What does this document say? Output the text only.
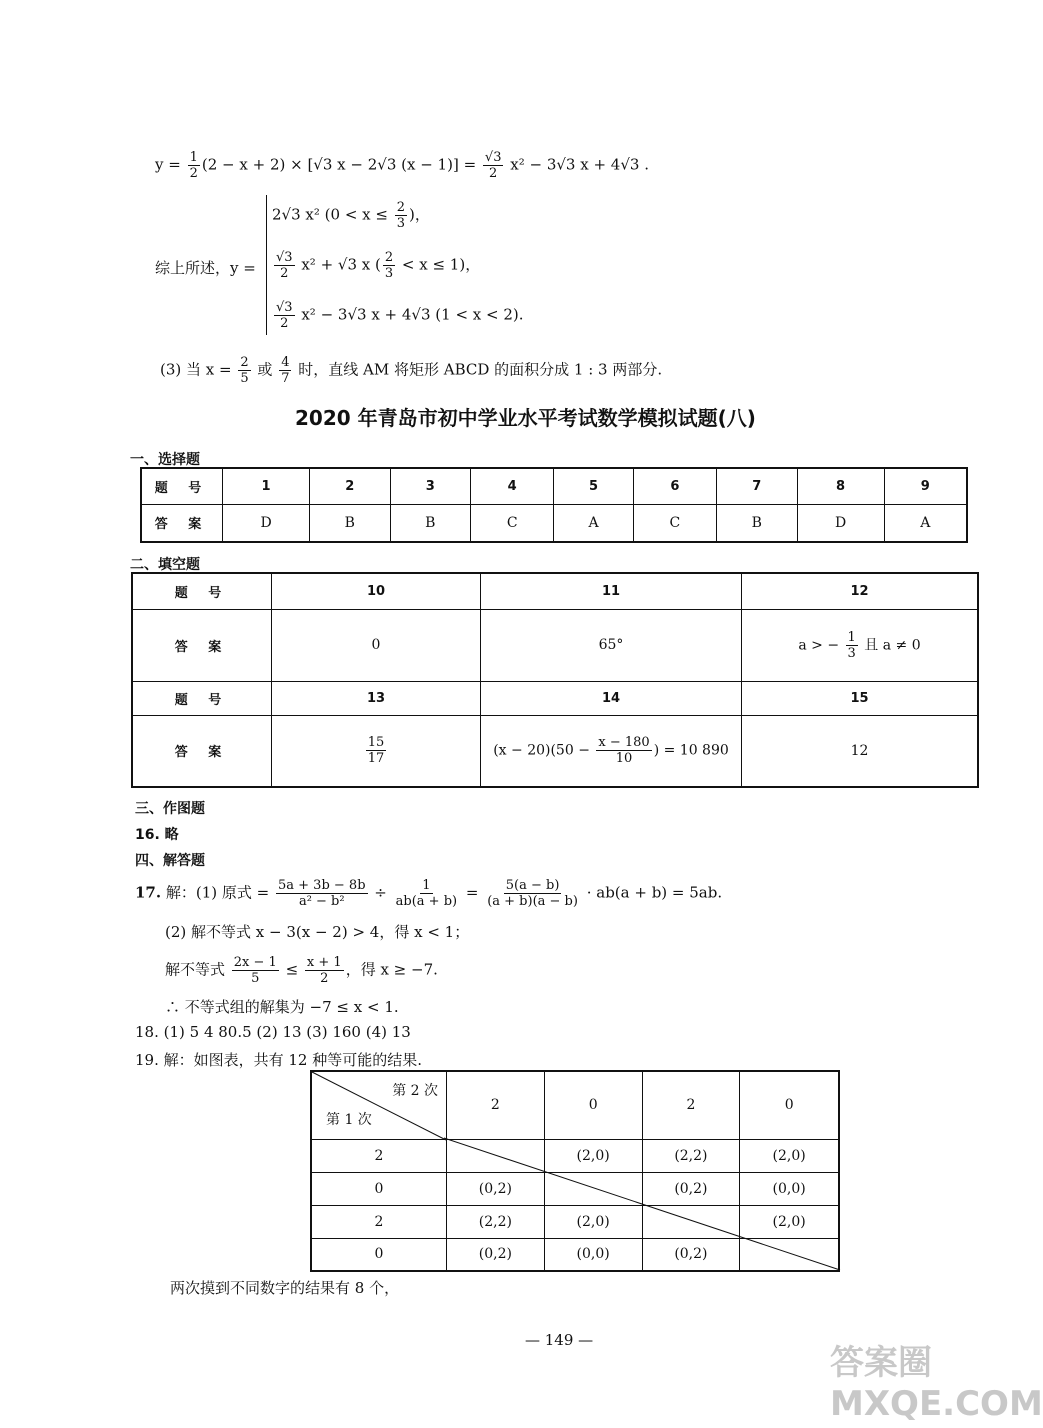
$y = \frac{1}{2} (2 - x + 2) \times [√3$ x − 2√3 $(x - 1)] = \frac{√3}{2} x^2 - 3√3$ x + 4√3 .
综上所述，y =
2√3 x² ($0 < x \le \frac{2}{3}$ )，
$\frac{√3}{2} x^2 + √3$ x ( $\frac{2}{3} < x \le 1$)，
$\frac{√3}{2} x^2 - 3√3$ x + 4√3 (1 < x < 2).
(3) 当 $x = \frac{2}{5}$ 或 $\frac{4}{7}$ 时，直线 AM 将矩形 ABCD 的面积分成 1 : 3 两部分.
2020 年青岛市初中学业水平考试数学模拟试题(八)
一、选择题
题 号	1	2	3	4	5	6	7	8	9
答 案	D	B	B	C	A	C	B	D	A
二、填空题
题 号	10	11	12
答 案	0	65°	a > − $\frac{1}{3}$ 且 a ≠ 0
题 号	13	14	15
答 案	$\frac{15}{17}$	$(x - 20)(50 - \frac{x - 180}{10}$ ) = 10 890	12
三、作图题
16. 略
四、解答题
17. 解：(1) 原式 = $\frac{5a + 3b - 8b}{\text{a² − b²}} \div \frac{1}{ab(a + b)} = \frac{5(a - b)}{(a + b)(a - b)} \cdot ab(a + b) = 5ab$.
(2) 解不等式 x − 3(x − 2) > 4，得 x < 1；
解不等式 $\frac{2x - 1}{5} \le \frac{x + 1}{2}$ ，得 x ≥ −7.
∴ 不等式组的解集为 −7 ≤ x < 1.
18. (1) 5 4 80.5 (2) 13 (3) 160 (4) 13
19. 解：如图表，共有 12 种等可能的结果.
第 2 次
第 1 次	2	0	2	0
2		(2,0)	(2,2)	(2,0)
0	(0,2)		(0,2)	(0,0)
2	(2,2)	(2,0)		(2,0)
0	(0,2)	(0,0)	(0,2)	
两次摸到不同数字的结果有 8 个，
— 149 —
答案圈 MXQE.COM
